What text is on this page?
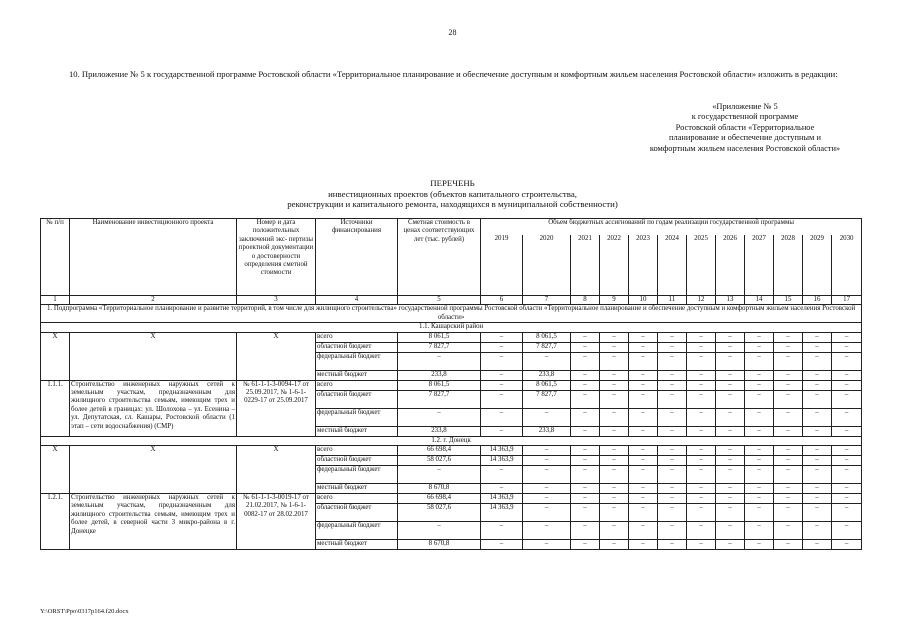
28
10. Приложение № 5 к государственной программе Ростовской области «Территориальное планирование и обеспечение доступным и комфортным жильем населения Ростовской области» изложить в редакции:
«Приложение № 5
к государственной программе
Ростовской области «Территориальное
планирование и обеспечение доступным и
комфортным жильем населения Ростовской области»
ПЕРЕЧЕНЬ
инвестиционных проектов (объектов капитального строительства,
реконструкции и капитального ремонта, находящихся в муниципальной собственности)
№ п/п	Наименование инвестиционного проекта	Номер и дата положительных заключений экс- пертизы проектной документации о достоверности определения сметной стоимости	Источники финансирования	Сметная стоимость в ценах соответствующих лет (тыс. рублей)	Объем бюджетных ассигнований по годам реализации государственной программы											
					2019	2020	2021	2022	2023	2024	2025	2026	2027	2028	2029	2030
1	2	3	4	5	6	7	8	9	10	11	12	13	14	15	16	17
1. Подпрограмма «Территориальное планирование и развитие территорий, в том числе для жилищного строительства» государственной программы Ростовской области «Территориальное планирование и обеспечение доступным и комфортным жильем населения Ростовской области»																
1.1. Кашарский район																
Х	Х	Х	всего	8 061,5	–	8 061,5	–	–	–	–	–	–	–	–	–	–
			областной бюджет	7 827,7	–	7 827,7	–	–	–	–	–	–	–	–	–	–
			федеральный бюджет	–	–	–	–	–	–	–	–	–	–	–	–	–
			местный бюджет	233,8	–	233,8	–	–	–	–	–	–	–	–	–	–
1.1.1.	Строительство инженерных наружных сетей к земельным участкам, предназначенным для жилищного строительства семьям, имеющим трех и более детей в границах: ул. Шолохова – ул. Есенина – ул. Депутатская, сл. Кашары, Ростовской области (1 этап – сети водоснабжения) (СМР)	№ 61-1-1-3-0094-17 от 25.09.2017, № 1-6-1-0229-17 от 25.09.2017	всего	8 061,5	–	8 061,5	–	–	–	–	–	–	–	–	–	–
			областной бюджет	7 827,7	–	7 827,7	–	–	–	–	–	–	–	–	–	–
			федеральный бюджет	–	–	–	–	–	–	–	–	–	–	–	–	–
			местный бюджет	233,8	–	233,8	–	–	–	–	–	–	–	–	–	–
1.2. г. Донецк																
Х	Х	Х	всего	66 698,4	14 363,9	–	–	–	–	–	–	–	–	–	–	–
			областной бюджет	58 027,6	14 363,9	–	–	–	–	–	–	–	–	–	–	–
			федеральный бюджет	–	–	–	–	–	–	–	–	–	–	–	–	–
			местный бюджет	8 670,8	–	–	–	–	–	–	–	–	–	–	–	–
1.2.1.	Строительство инженерных наружных сетей к земельным участкам, предназначенным для жилищного строительства семьям, имеющим трех и более детей, в северной части 3 микро-района в г. Донецке	№ 61-1-1-3-0019-17 от 21.02.2017, № 1-6-1-0082-17 от 28.02.2017	всего	66 698,4	14 363,9	–	–	–	–	–	–	–	–	–	–	–
			областной бюджет	58 027,6	14 363,9	–	–	–	–	–	–	–	–	–	–	–
			федеральный бюджет	–	–	–	–	–	–	–	–	–	–	–	–	–
			местный бюджет	8 670,8	–	–	–	–	–	–	–	–	–	–	–	–
Y:\ORST\Ppo\0317p164.f20.docx
